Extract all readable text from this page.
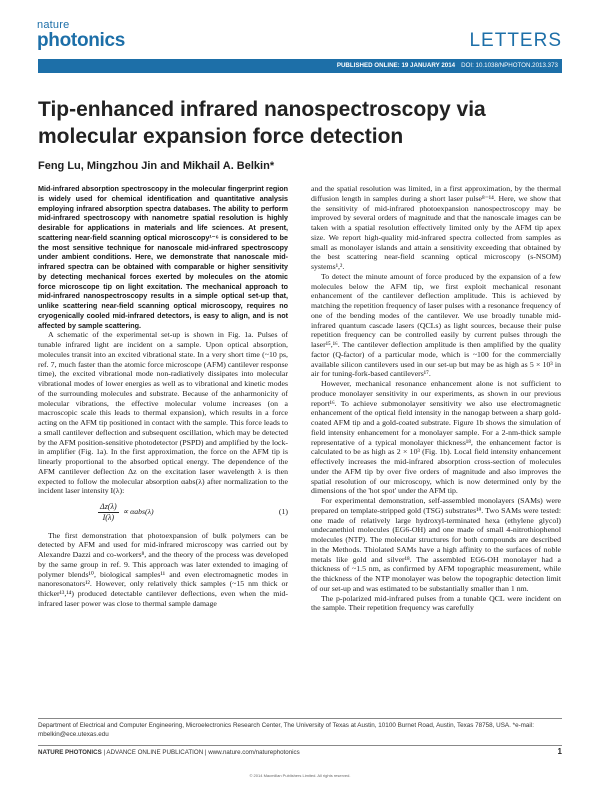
nature
photonics	LETTERS
PUBLISHED ONLINE: 19 JANUARY 2014 DOI: 10.1038/NPHOTON.2013.373
Tip-enhanced infrared nanospectroscopy via molecular expansion force detection
Feng Lu, Mingzhou Jin and Mikhail A. Belkin*

Mid-infrared absorption spectroscopy in the molecular fingerprint region is widely used for chemical identification and quantitative analysis employing infrared absorption spectra databases. The ability to perform mid-infrared spectroscopy with nanometre spatial resolution is highly desirable for applications in materials and life sciences. At present, scattering near-field scanning optical microscopy¹⁻⁶ is considered to be the most sensitive technique for nanoscale mid-infrared spectroscopy under ambient conditions. Here, we demonstrate that nanoscale mid-infrared spectra can be obtained with comparable or higher sensitivity by detecting mechanical forces exerted by molecules on the atomic force microscope tip on light excitation. The mechanical approach to mid-infrared nanospectroscopy results in a simple optical set-up that, unlike scattering near-field scanning optical microscopy, requires no cryogenically cooled mid-infrared detectors, is easy to align, and is not affected by sample scattering.

A schematic of the experimental set-up is shown in Fig. 1a. Pulses of tunable infrared light are incident on a sample. Upon optical absorption, molecules transit into an excited vibrational state. In a very short time (~10 ps, ref. 7, much faster than the atomic force microscope (AFM) cantilever response time), the excited vibrational mode non-radiatively dissipates into molecular vibrational modes of lower energies as well as to vibrational and kinetic modes of the surrounding molecules and substrate. Because of the anharmonicity of molecular vibrations, the effective molecular volume increases (on a macroscopic scale this leads to thermal expansion), which results in a force acting on the AFM tip positioned in contact with the sample. This force leads to a small cantilever deflection and subsequent oscillation, which may be detected by the AFM position-sensitive photodetector (PSPD) and amplified by the lock-in amplifier (Fig. 1a). In the first approximation, the force on the AFM tip is linearly proportional to the absorbed optical energy. The dependence of the AFM cantilever deflection Δz on the excitation laser wavelength λ is then expected to follow the molecular absorption αabs(λ) after normalization to the incident laser intensity I(λ):

$\frac{\Delta z(\lambda)}{I(\lambda)} \propto \alpha abs(\lambda)$	(1)

The first demonstration that photoexpansion of bulk polymers can be detected by AFM and used for mid-infrared microscopy was carried out by Alexandre Dazzi and co-workers⁸, and the theory of the process was developed by the same group in ref. 9. This approach was later extended to imaging of polymer blends¹⁰, biological samples¹¹ and even electromagnetic modes in nanoresonators¹². However, only relatively thick samples (~15 nm thick or thicker¹³,¹⁴) produced detectable cantilever deflections, even when the mid-infrared laser power was close to thermal sample damage

and the spatial resolution was limited, in a first approximation, by the thermal diffusion length in samples during a short laser pulse⁸⁻¹⁴. Here, we show that the sensitivity of mid-infrared photoexpansion nanospectroscopy may be improved by several orders of magnitude and that the nanoscale images can be taken with a spatial resolution effectively limited only by the AFM tip apex size. We report high-quality mid-infrared spectra collected from samples as small as monolayer islands and attain a sensitivity exceeding that obtained by the best scattering near-field scanning optical microscopy (s-NSOM) systems¹,².

To detect the minute amount of force produced by the expansion of a few molecules below the AFM tip, we first exploit mechanical resonant enhancement of the cantilever deflection amplitude. This is achieved by matching the repetition frequency of laser pulses with a resonance frequency of one of the bending modes of the cantilever. We use broadly tunable mid-infrared quantum cascade lasers (QCLs) as light sources, because their pulse repetition frequency can be controlled easily by current pulses through the laser¹⁵,¹⁶. The cantilever deflection amplitude is then amplified by the quality factor (Q-factor) of a particular mode, which is ~100 for the commercially available silicon cantilevers used in our set-up but may be as high as 5 × 10³ in air for tuning-fork-based cantilevers¹⁷.

However, mechanical resonance enhancement alone is not sufficient to produce monolayer sensitivity in our experiments, as shown in our previous report¹⁶. To achieve submonolayer sensitivity we also use electromagnetic enhancement of the optical field intensity in the nanogap between a sharp gold-coated AFM tip and a gold-coated substrate. Figure 1b shows the simulation of field intensity enhancement for a monolayer sample. For a 2-nm-thick sample representative of a typical monolayer thickness¹⁸, the enhancement factor is calculated to be as high as 2 × 10³ (Fig. 1b). Local field intensity enhancement effectively increases the mid-infrared absorption cross-section of molecules under the AFM tip by over five orders of magnitude and also improves the spatial resolution of our microscopy, which is now determined only by the dimensions of the 'hot spot' under the AFM tip.

For experimental demonstration, self-assembled monolayers (SAMs) were prepared on template-stripped gold (TSG) substrates¹⁹. Two SAMs were tested: one made of relatively large hydroxyl-terminated hexa (ethylene glycol) undecanethiol molecules (EG6-OH) and one made of small 4-nitrothiophenol molecules (NTP). The molecular structures for both compounds are described in the Methods. Thiolated SAMs have a high affinity to the surfaces of noble metals like gold and silver¹⁸. The assembled EG6-OH monolayer had a thickness of ~1.5 nm, as confirmed by AFM topographic measurement, while the thickness of the NTP monolayer was below the topographic detection limit of our set-up and was estimated to be substantially smaller than 1 nm.

The p-polarized mid-infrared pulses from a tunable QCL were incident on the sample. Their repetition frequency was carefully

Department of Electrical and Computer Engineering, Microelectronics Research Center, The University of Texas at Austin, 10100 Burnet Road, Austin, Texas 78758, USA. *e-mail: mbelkin@ece.utexas.edu
NATURE PHOTONICS | ADVANCE ONLINE PUBLICATION | www.nature.com/naturephotonics	1
© 2014 Macmillan Publishers Limited. All rights reserved.
